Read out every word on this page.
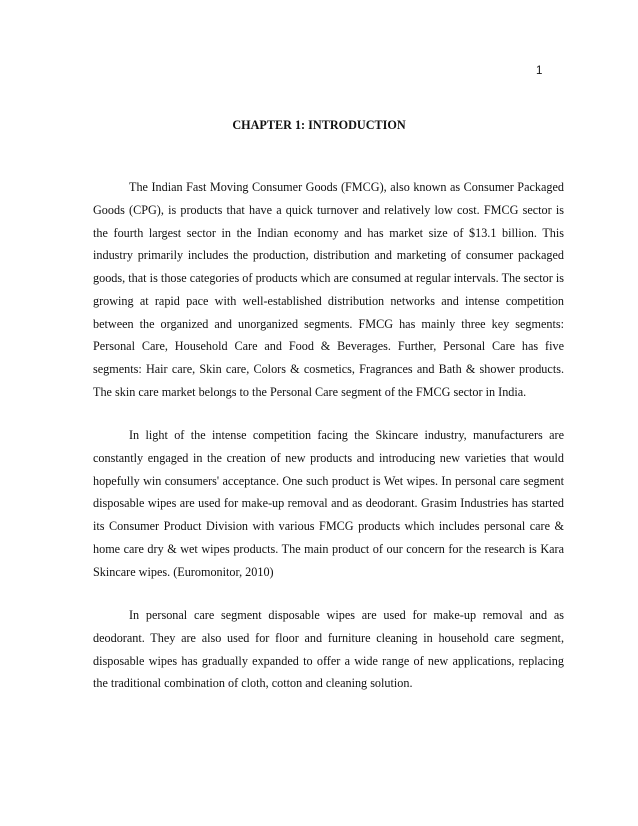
1
CHAPTER 1: INTRODUCTION

The Indian Fast Moving Consumer Goods (FMCG), also known as Consumer Packaged Goods (CPG), is products that have a quick turnover and relatively low cost. FMCG sector is the fourth largest sector in the Indian economy and has market size of $13.1 billion. This industry primarily includes the production, distribution and marketing of consumer packaged goods, that is those categories of products which are consumed at regular intervals. The sector is growing at rapid pace with well-established distribution networks and intense competition between the organized and unorganized segments. FMCG has mainly three key segments: Personal Care, Household Care and Food & Beverages. Further, Personal Care has five segments: Hair care, Skin care, Colors & cosmetics, Fragrances and Bath & shower products. The skin care market belongs to the Personal Care segment of the FMCG sector in India.

In light of the intense competition facing the Skincare industry, manufacturers are constantly engaged in the creation of new products and introducing new varieties that would hopefully win consumers' acceptance. One such product is Wet wipes. In personal care segment disposable wipes are used for make-up removal and as deodorant. Grasim Industries has started its Consumer Product Division with various FMCG products which includes personal care & home care dry & wet wipes products. The main product of our concern for the research is Kara Skincare wipes. (Euromonitor, 2010)

In personal care segment disposable wipes are used for make-up removal and as deodorant. They are also used for floor and furniture cleaning in household care segment, disposable wipes has gradually expanded to offer a wide range of new applications, replacing the traditional combination of cloth, cotton and cleaning solution.
